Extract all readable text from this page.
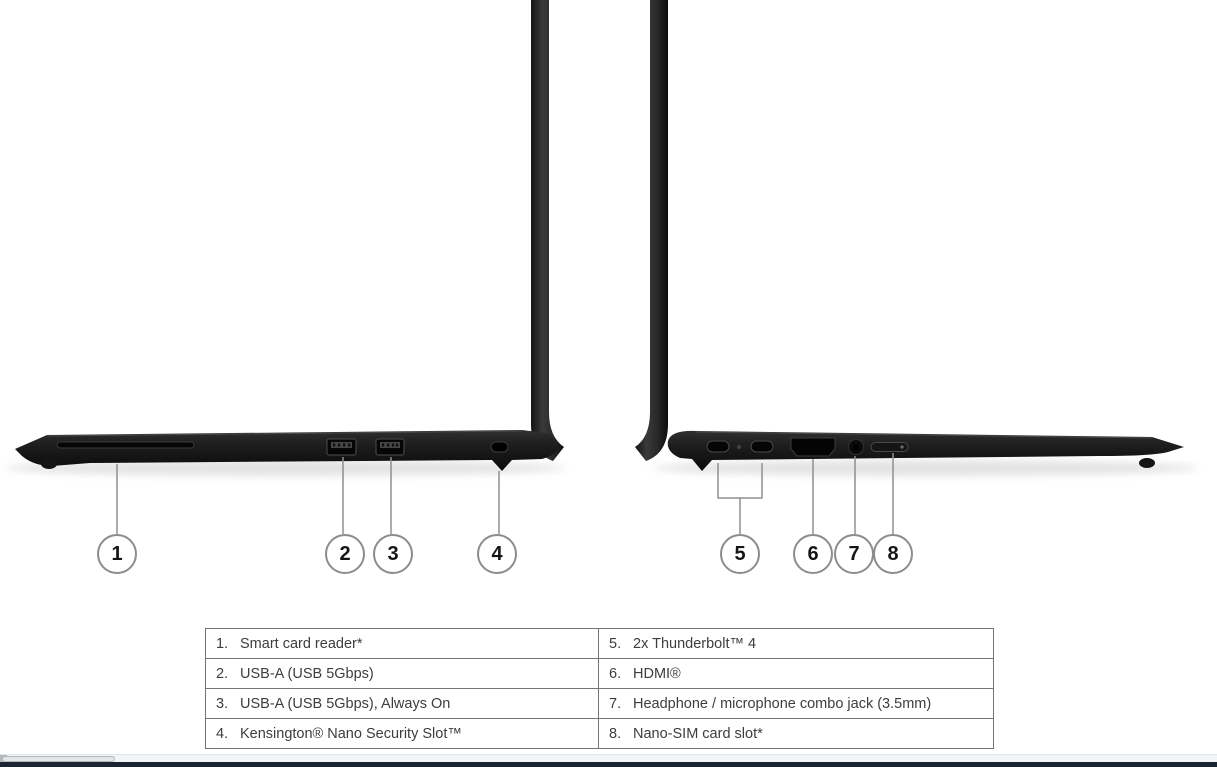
1	2 3	4	5	6 7 8
1. Smart card reader*	5. 2x Thunderbolt™ 4
2. USB-A (USB 5Gbps)	6. HDMI®
3. USB-A (USB 5Gbps), Always On	7. Headphone / microphone combo jack (3.5mm)
4. Kensington® Nano Security Slot™	8. Nano-SIM card slot*
